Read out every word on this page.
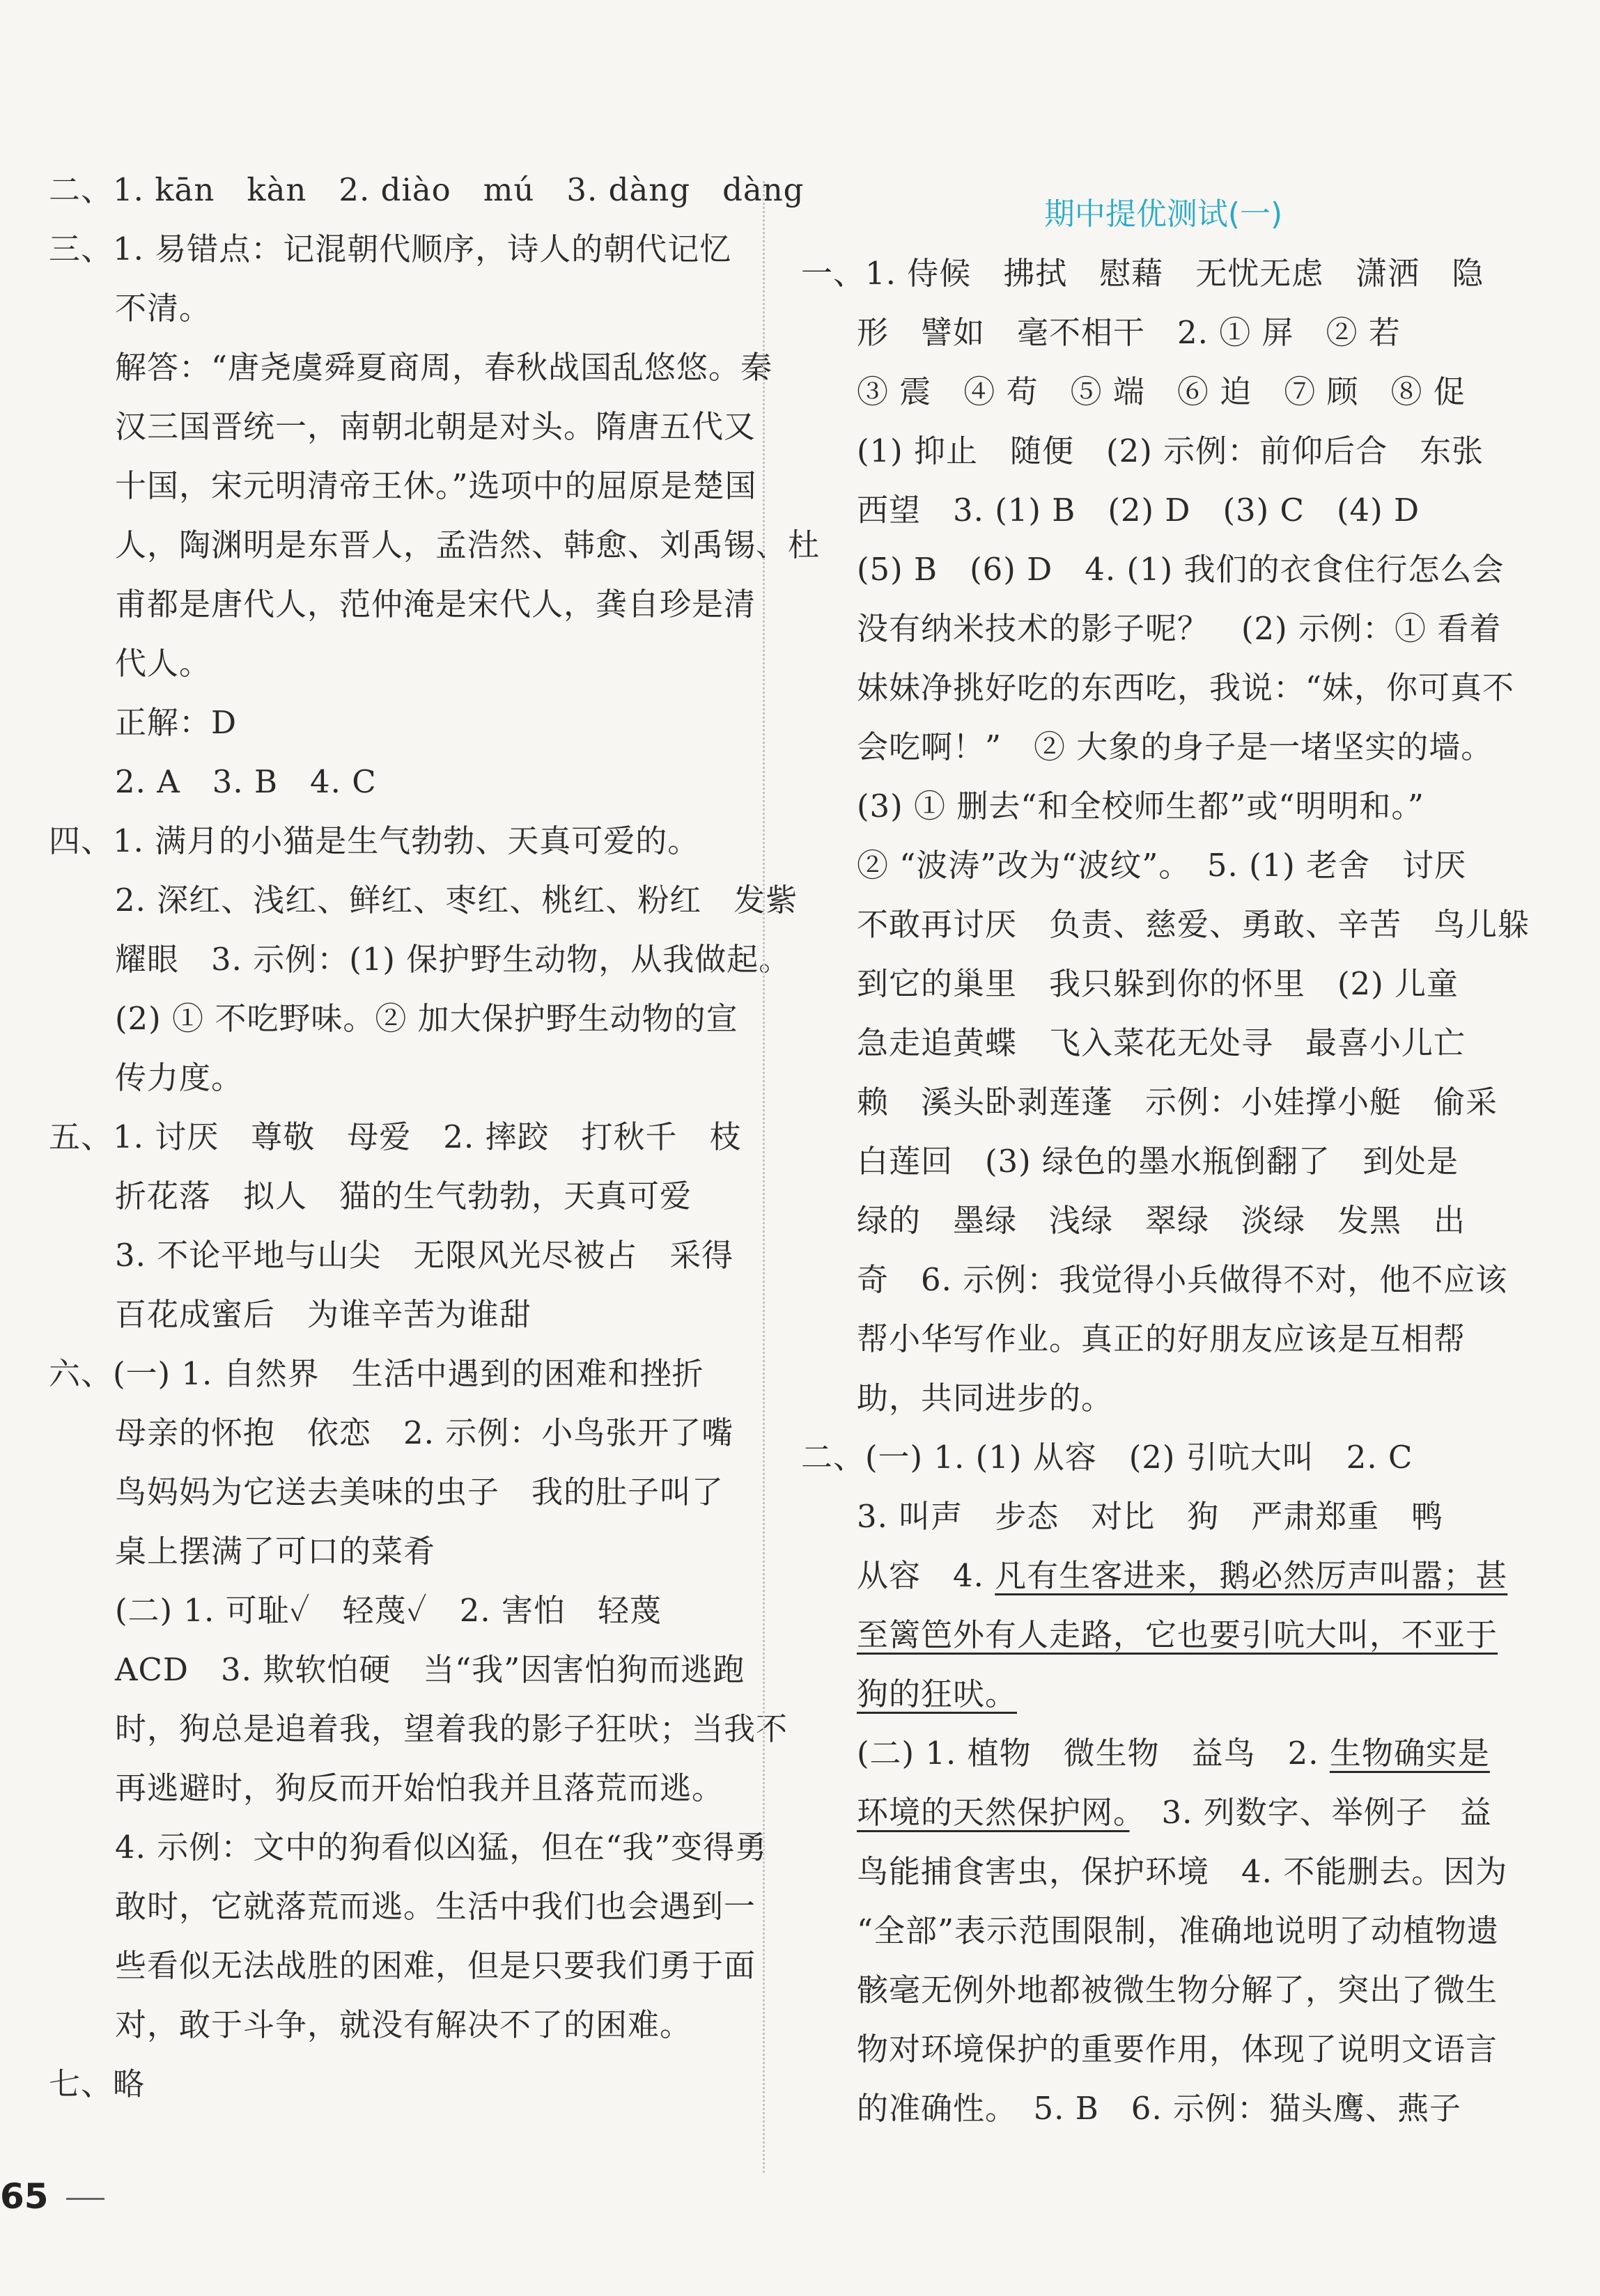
二、1. kān　kàn　2. diào　mú　3. dàng　dàng
三、1. 易错点：记混朝代顺序，诗人的朝代记忆
不清。
解答：“唐尧虞舜夏商周，春秋战国乱悠悠。秦
汉三国晋统一，南朝北朝是对头。隋唐五代又
十国，宋元明清帝王休。”选项中的屈原是楚国
人，陶渊明是东晋人，孟浩然、韩愈、刘禹锡、杜
甫都是唐代人，范仲淹是宋代人，龚自珍是清
代人。
正解：D
2. A　3. B　4. C
四、1. 满月的小猫是生气勃勃、天真可爱的。
2. 深红、浅红、鲜红、枣红、桃红、粉红　发紫
耀眼　3. 示例：(1) 保护野生动物，从我做起。
(2) ① 不吃野味。② 加大保护野生动物的宣
传力度。
五、1. 讨厌　尊敬　母爱　2. 摔跤　打秋千　枝
折花落　拟人　猫的生气勃勃，天真可爱
3. 不论平地与山尖　无限风光尽被占　采得
百花成蜜后　为谁辛苦为谁甜
六、(一) 1. 自然界　生活中遇到的困难和挫折
母亲的怀抱　依恋　2. 示例：小鸟张开了嘴
鸟妈妈为它送去美味的虫子　我的肚子叫了
桌上摆满了可口的菜肴
(二) 1. 可耻✓　轻蔑✓　2. 害怕　轻蔑
ACD　3. 欺软怕硬　当“我”因害怕狗而逃跑
时，狗总是追着我，望着我的影子狂吠；当我不
再逃避时，狗反而开始怕我并且落荒而逃。
4. 示例：文中的狗看似凶猛，但在“我”变得勇
敢时，它就落荒而逃。生活中我们也会遇到一
些看似无法战胜的困难，但是只要我们勇于面
对，敢于斗争，就没有解决不了的困难。
七、略
期中提优测试(一)
一、1. 侍候　拂拭　慰藉　无忧无虑　潇洒　隐
形　譬如　毫不相干　2. ① 屏　② 若
③ 震　④ 苟　⑤ 端　⑥ 迫　⑦ 顾　⑧ 促
(1) 抑止　随便　(2) 示例：前仰后合　东张
西望　3. (1) B　(2) D　(3) C　(4) D
(5) B　(6) D　4. (1) 我们的衣食住行怎么会
没有纳米技术的影子呢？　(2) 示例：① 看着
妹妹净挑好吃的东西吃，我说：“妹，你可真不
会吃啊！”　② 大象的身子是一堵坚实的墙。
(3) ① 删去“和全校师生都”或“明明和。”
② “波涛”改为“波纹”。　5. (1) 老舍　讨厌
不敢再讨厌　负责、慈爱、勇敢、辛苦　鸟儿躲
到它的巢里　我只躲到你的怀里　(2) 儿童
急走追黄蝶　飞入菜花无处寻　最喜小儿亡
赖　溪头卧剥莲蓬　示例：小娃撑小艇　偷采
白莲回　(3) 绿色的墨水瓶倒翻了　到处是
绿的　墨绿　浅绿　翠绿　淡绿　发黑　出
奇　6. 示例：我觉得小兵做得不对，他不应该
帮小华写作业。真正的好朋友应该是互相帮
助，共同进步的。
二、(一) 1. (1) 从容　(2) 引吭大叫　2. C
3. 叫声　步态　对比　狗　严肃郑重　鸭
从容　4. 凡有生客进来，鹅必然厉声叫嚣；甚
至篱笆外有人走路，它也要引吭大叫，不亚于
狗的狂吠。
(二) 1. 植物　微生物　益鸟　2. 生物确实是
环境的天然保护网。　3. 列数字、举例子　益
鸟能捕食害虫，保护环境　4. 不能删去。因为
“全部”表示范围限制，准确地说明了动植物遗
骸毫无例外地都被微生物分解了，突出了微生
物对环境保护的重要作用，体现了说明文语言
的准确性。　5. B　6. 示例：猫头鹰、燕子
65
